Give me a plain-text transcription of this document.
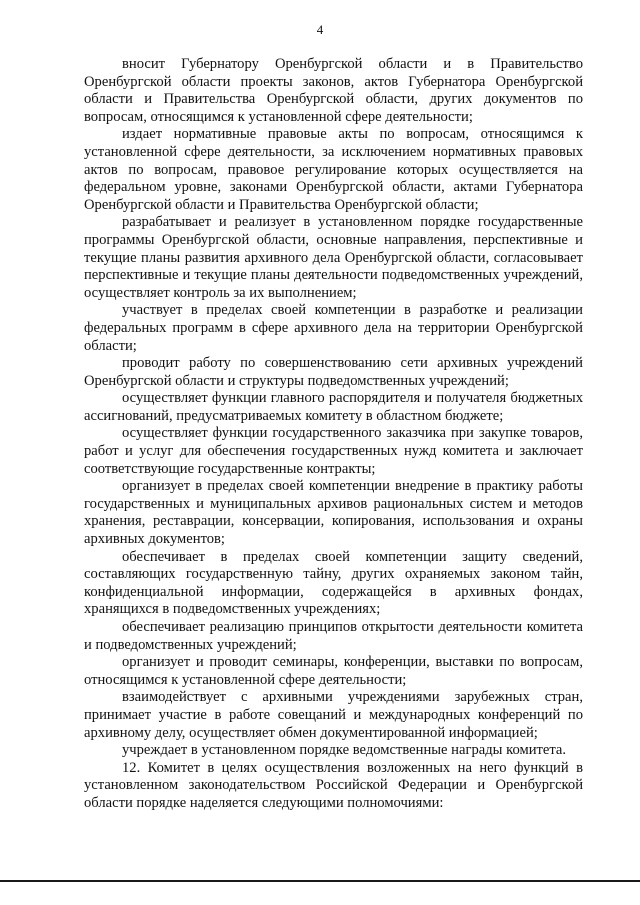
4

вносит Губернатору Оренбургской области и в Правительство Оренбургской области проекты законов, актов Губернатора Оренбургской области и Правительства Оренбургской области, других документов по вопросам, относящимся к установленной сфере деятельности;

издает нормативные правовые акты по вопросам, относящимся к установленной сфере деятельности, за исключением нормативных правовых актов по вопросам, правовое регулирование которых осуществляется на федеральном уровне, законами Оренбургской области, актами Губернатора Оренбургской области и Правительства Оренбургской области;

разрабатывает и реализует в установленном порядке государственные программы Оренбургской области, основные направления, перспективные и текущие планы развития архивного дела Оренбургской области, согласовывает перспективные и текущие планы деятельности подведомственных учреждений, осуществляет контроль за их выполнением;

участвует в пределах своей компетенции в разработке и реализации федеральных программ в сфере архивного дела на территории Оренбургской области;

проводит работу по совершенствованию сети архивных учреждений Оренбургской области и структуры подведомственных учреждений;

осуществляет функции главного распорядителя и получателя бюджетных ассигнований, предусматриваемых комитету в областном бюджете;

осуществляет функции государственного заказчика при закупке товаров, работ и услуг для обеспечения государственных нужд комитета и заключает соответствующие государственные контракты;

организует в пределах своей компетенции внедрение в практику работы государственных и муниципальных архивов рациональных систем и методов хранения, реставрации, консервации, копирования, использования и охраны архивных документов;

обеспечивает в пределах своей компетенции защиту сведений, составляющих государственную тайну, других охраняемых законом тайн, конфиденциальной информации, содержащейся в архивных фондах, хранящихся в подведомственных учреждениях;

обеспечивает реализацию принципов открытости деятельности комитета и подведомственных учреждений;

организует и проводит семинары, конференции, выставки по вопросам, относящимся к установленной сфере деятельности;

взаимодействует с архивными учреждениями зарубежных стран, принимает участие в работе совещаний и международных конференций по архивному делу, осуществляет обмен документированной информацией;

учреждает в установленном порядке ведомственные награды комитета.

12. Комитет в целях осуществления возложенных на него функций в установленном законодательством Российской Федерации и Оренбургской области порядке наделяется следующими полномочиями:
